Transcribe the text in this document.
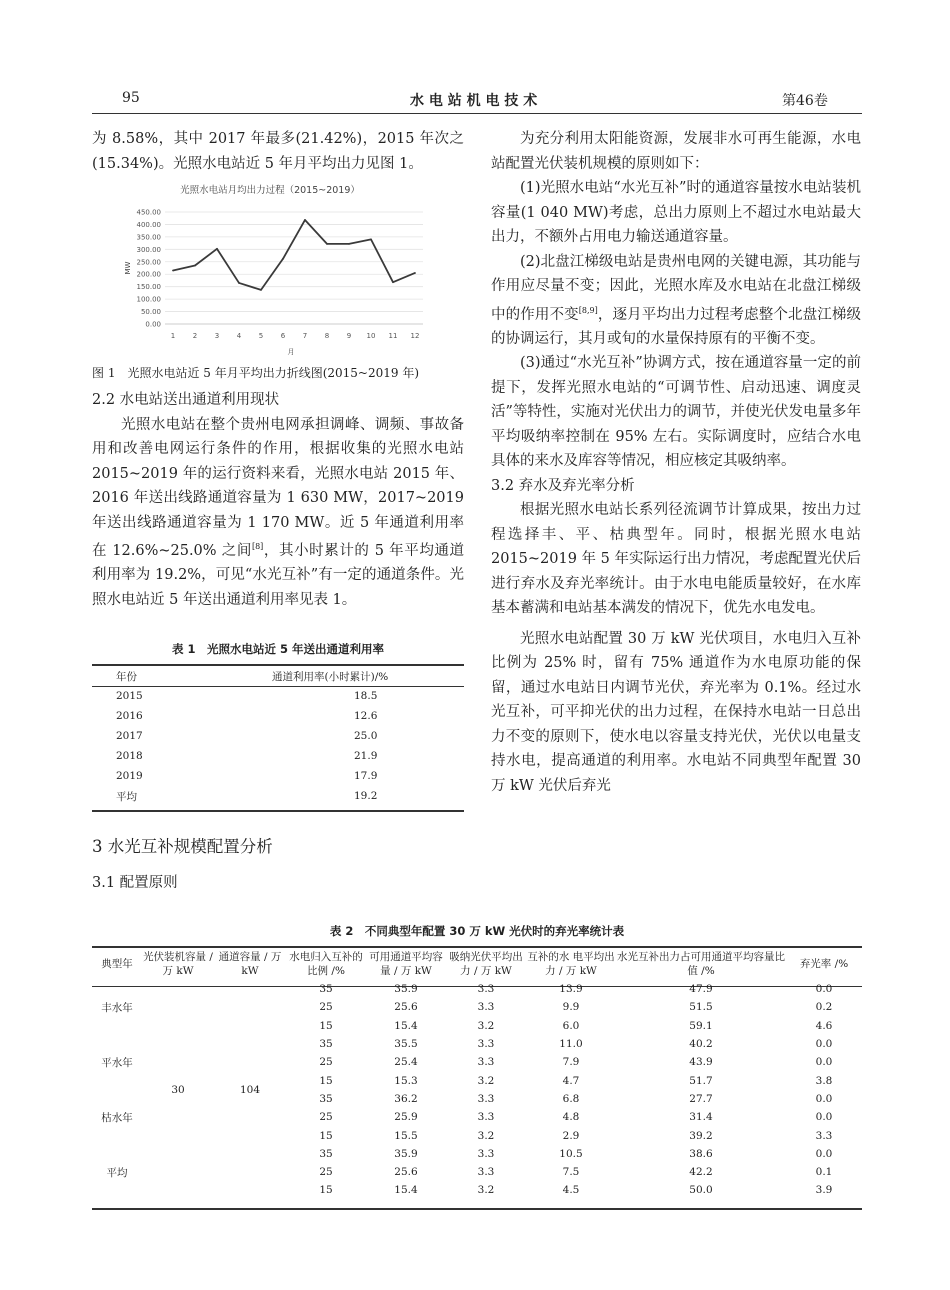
95	水 电 站 机 电 技 术	第46卷

为 8.58%，其中 2017 年最多(21.42%)，2015 年次之

(15.34%)。光照水电站近 5 年月平均出力见图 1。

光照水电站月均出力过程（2015~2019）
MW
月
0.00
50.00
100.00
150.00
200.00
250.00
300.00
350.00
400.00
450.00
1	2	3	4	5	6	7	8	9 10 11 12
图 1　光照水电站近 5 年月平均出力折线图(2015~2019 年)

2.2 水电站送出通道利用现状

光照水电站在整个贵州电网承担调峰、调频、事故备用和改善电网运行条件的作用，根据收集的光照水电站 2015~2019 年的运行资料来看，光照水电站 2015 年、2016 年送出线路通道容量为 1 630 MW，2017~2019 年送出线路通道容量为 1 170 MW。近 5 年通道利用率在 12.6%~25.0% 之间[8]，其小时累计的 5 年平均通道利用率为 19.2%，可见“水光互补”有一定的通道条件。光照水电站近 5 年送出通道利用率见表 1。

表 1　光照水电站近 5 年送出通道利用率
年份	通道利用率(小时累计)/%
2015	18.5
2016	12.6
2017	25.0
2018	21.9
2019	17.9
平均	19.2
3 水光互补规模配置分析
3.1 配置原则

为充分利用太阳能资源，发展非水可再生能源，水电站配置光伏装机规模的原则如下：

(1)光照水电站“水光互补”时的通道容量按水电站装机容量(1 040 MW)考虑，总出力原则上不超过水电站最大出力，不额外占用电力输送通道容量。

(2)北盘江梯级电站是贵州电网的关键电源，其功能与作用应尽量不变；因此，光照水库及水电站在北盘江梯级中的作用不变[8,9]，逐月平均出力过程考虑整个北盘江梯级的协调运行，其月或旬的水量保持原有的平衡不变。

(3)通过“水光互补”协调方式，按在通道容量一定的前提下，发挥光照水电站的“可调节性、启动迅速、调度灵活”等特性，实施对光伏出力的调节，并使光伏发电量多年平均吸纳率控制在 95% 左右。实际调度时，应结合水电具体的来水及库容等情况，相应核定其吸纳率。

3.2 弃水及弃光率分析

根据光照水电站长系列径流调节计算成果，按出力过程选择丰、平、枯典型年。同时，根据光照水电站 2015~2019 年 5 年实际运行出力情况，考虑配置光伏后进行弃水及弃光率统计。由于水电电能质量较好，在水库基本蓄满和电站基本满发的情况下，优先水电发电。

光照水电站配置 30 万 kW 光伏项目，水电归入互补比例为 25% 时，留有 75% 通道作为水电原功能的保留，通过水电站日内调节光伏，弃光率为 0.1%。经过水光互补，可平抑光伏的出力过程，在保持水电站一日总出力不变的原则下，使水电以容量支持光伏，光伏以电量支持水电，提高通道的利用率。水电站不同典型年配置 30 万 kW 光伏后弃光

表 2　不同典型年配置 30 万 kW 光伏时的弃光率统计表
典型年	光伏装机容量 / 万 kW	通道容量 / 万 kW	水电归入互补的比例 /%	可用通道平均容量 / 万 kW	吸纳光伏平均出力 / 万 kW	互补的水 电平均出力 / 万 kW	水光互补出力占可用通道平均容量比值 /%	弃光率 /%
丰水年	30	104	35	35.9	3.3	13.9	47.9	0.0
			25	25.6	3.3	9.9	51.5	0.2
			15	15.4	3.2	6.0	59.1	4.6
平水年			35	35.5	3.3	11.0	40.2	0.0
			25	25.4	3.3	7.9	43.9	0.0
			15	15.3	3.2	4.7	51.7	3.8
枯水年			35	36.2	3.3	6.8	27.7	0.0
			25	25.9	3.3	4.8	31.4	0.0
			15	15.5	3.2	2.9	39.2	3.3
平均			35	35.9	3.3	10.5	38.6	0.0
			25	25.6	3.3	7.5	42.2	0.1
			15	15.4	3.2	4.5	50.0	3.9
